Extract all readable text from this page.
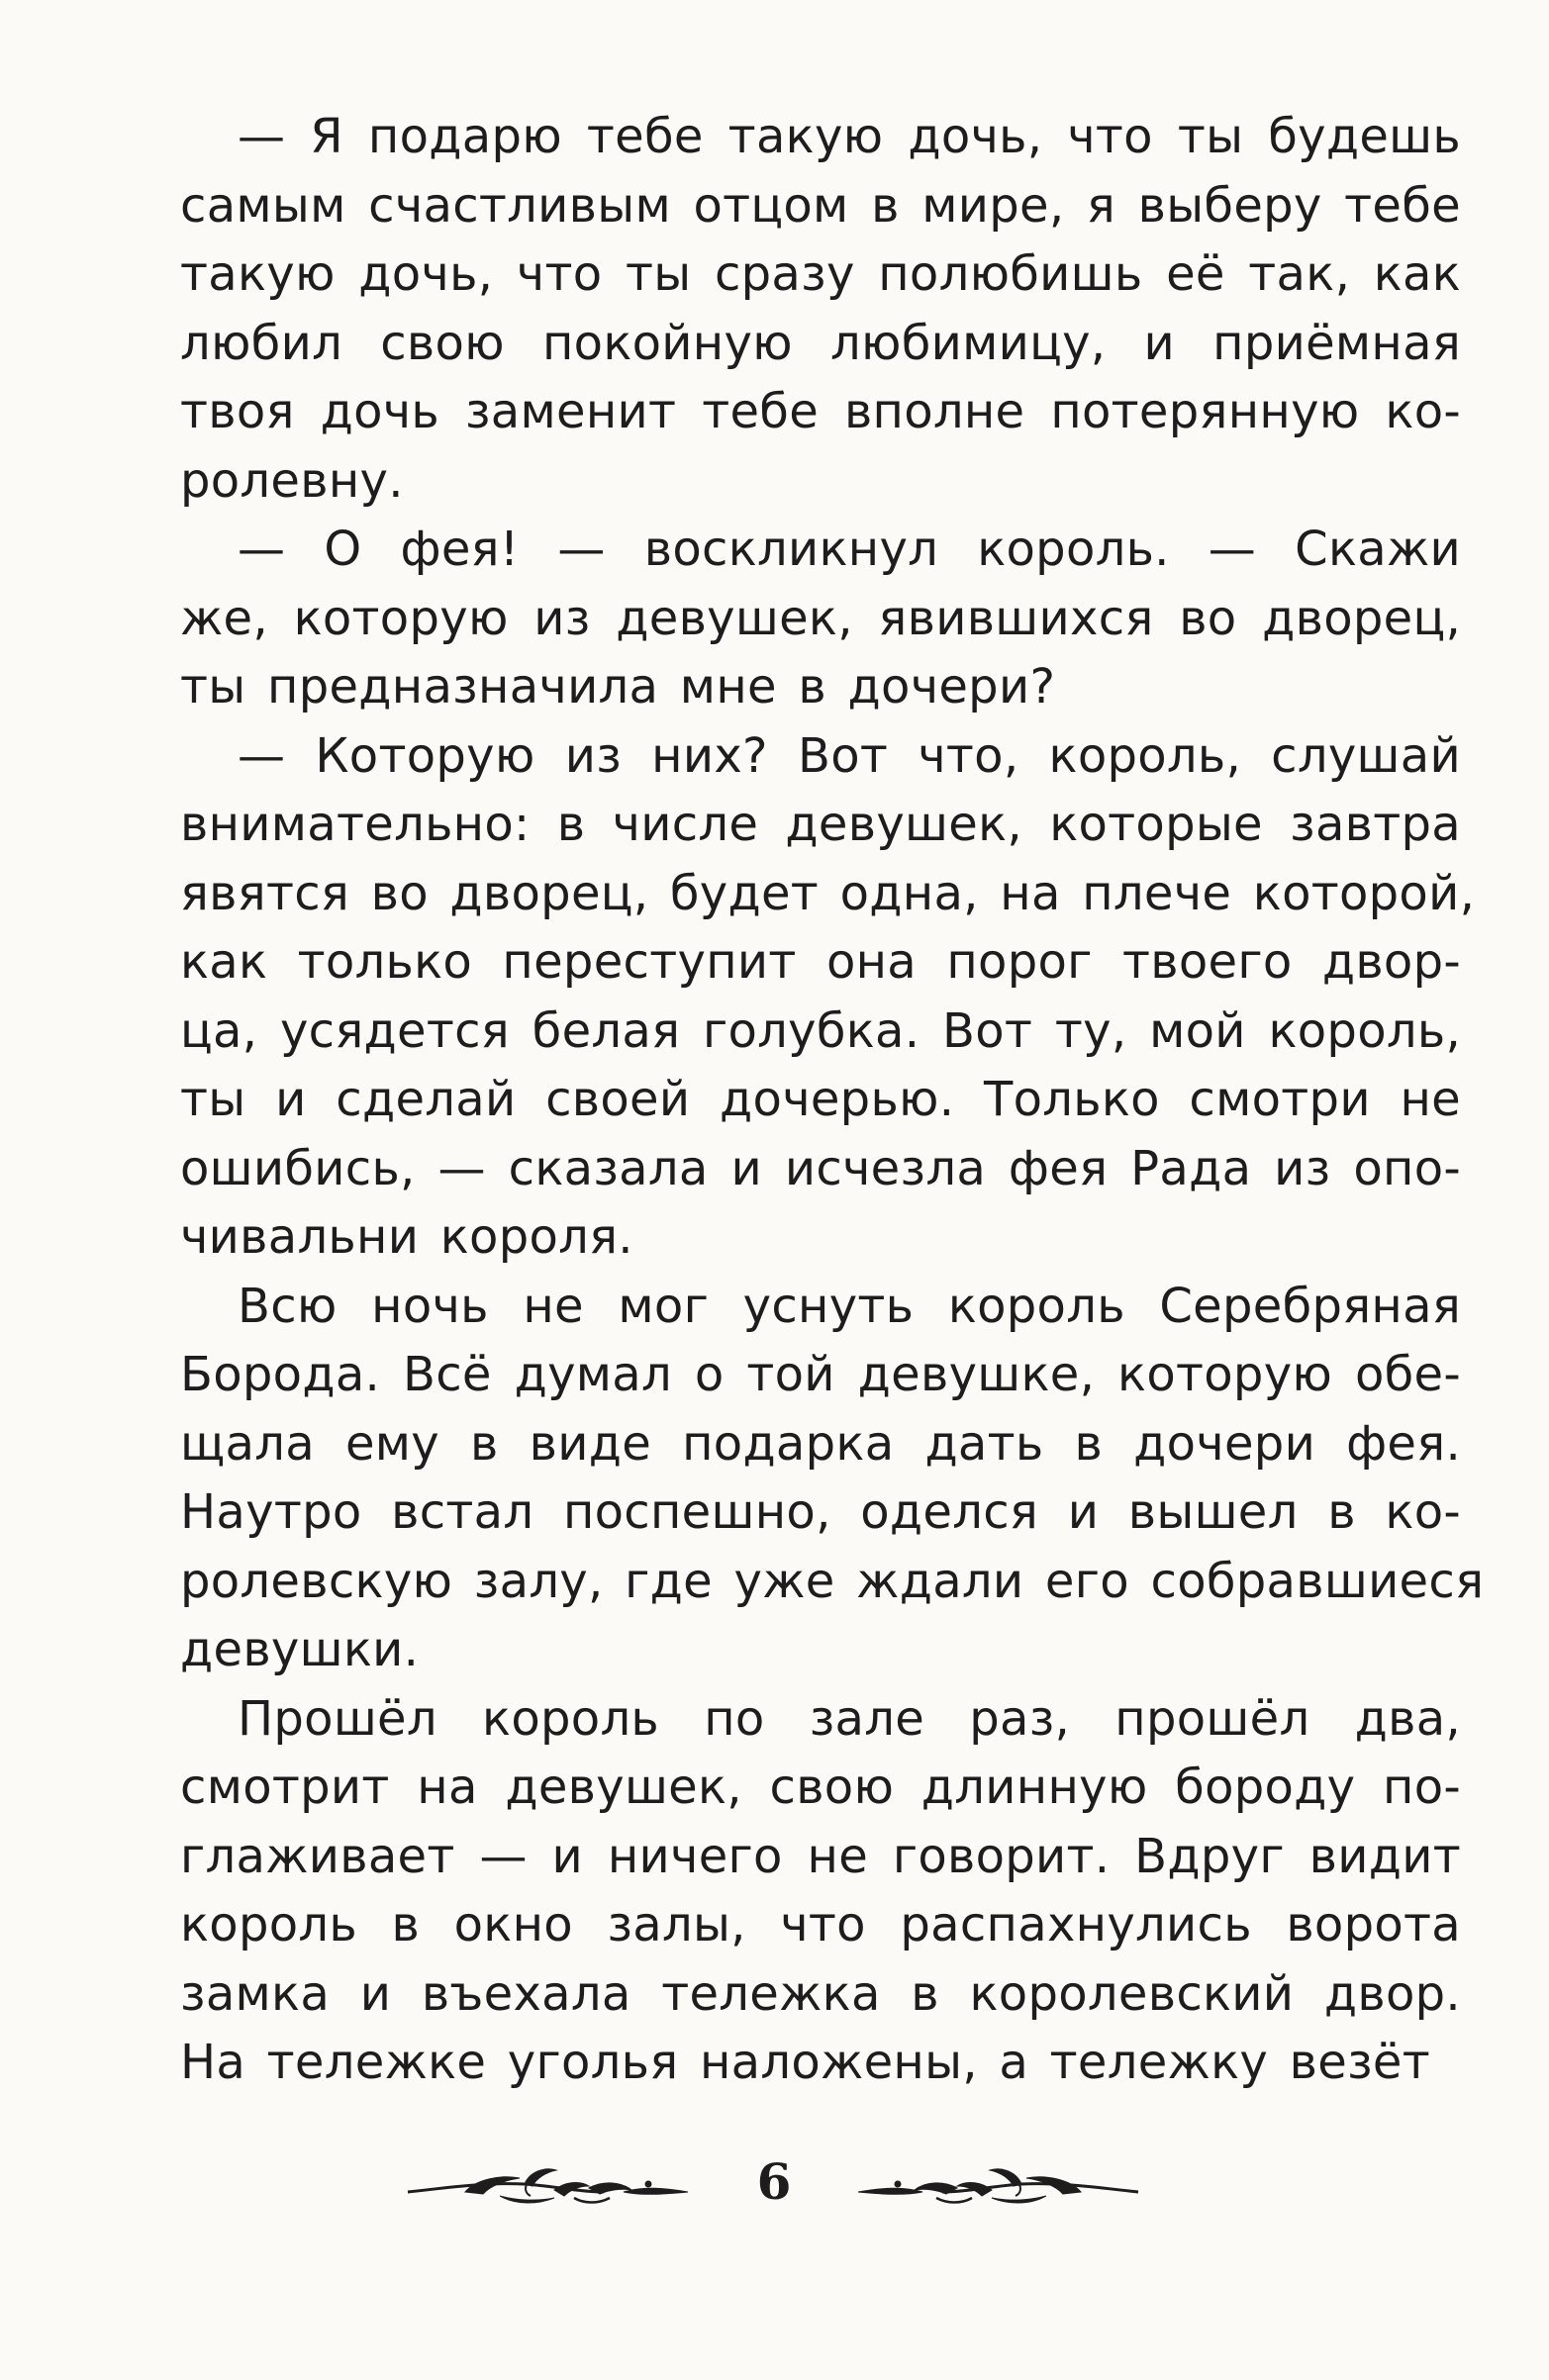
— Я подарю тебе такую дочь, что ты будешь
самым счастливым отцом в мире, я выберу тебе
такую дочь, что ты сразу полюбишь её так, как
любил свою покойную любимицу, и приёмная
твоя дочь заменит тебе вполне потерянную ко-
ролевну.
— О фея! — воскликнул король. — Скажи
же, которую из девушек, явившихся во дворец,
ты предназначила мне в дочери?
— Которую из них? Вот что, король, слушай
внимательно: в числе девушек, которые завтра
явятся во дворец, будет одна, на плече которой,
как только переступит она порог твоего двор-
ца, усядется белая голубка. Вот ту, мой король,
ты и сделай своей дочерью. Только смотри не
ошибись, — сказала и исчезла фея Рада из опо-
чивальни короля.
Всю ночь не мог уснуть король Серебряная
Борода. Всё думал о той девушке, которую обе-
щала ему в виде подарка дать в дочери фея.
Наутро встал поспешно, оделся и вышел в ко-
ролевскую залу, где уже ждали его собравшиеся
девушки.
Прошёл король по зале раз, прошёл два,
смотрит на девушек, свою длинную бороду по-
глаживает — и ничего не говорит. Вдруг видит
король в окно залы, что распахнулись ворота
замка и въехала тележка в королевский двор.
На тележке уголья наложены, а тележку везёт
6
